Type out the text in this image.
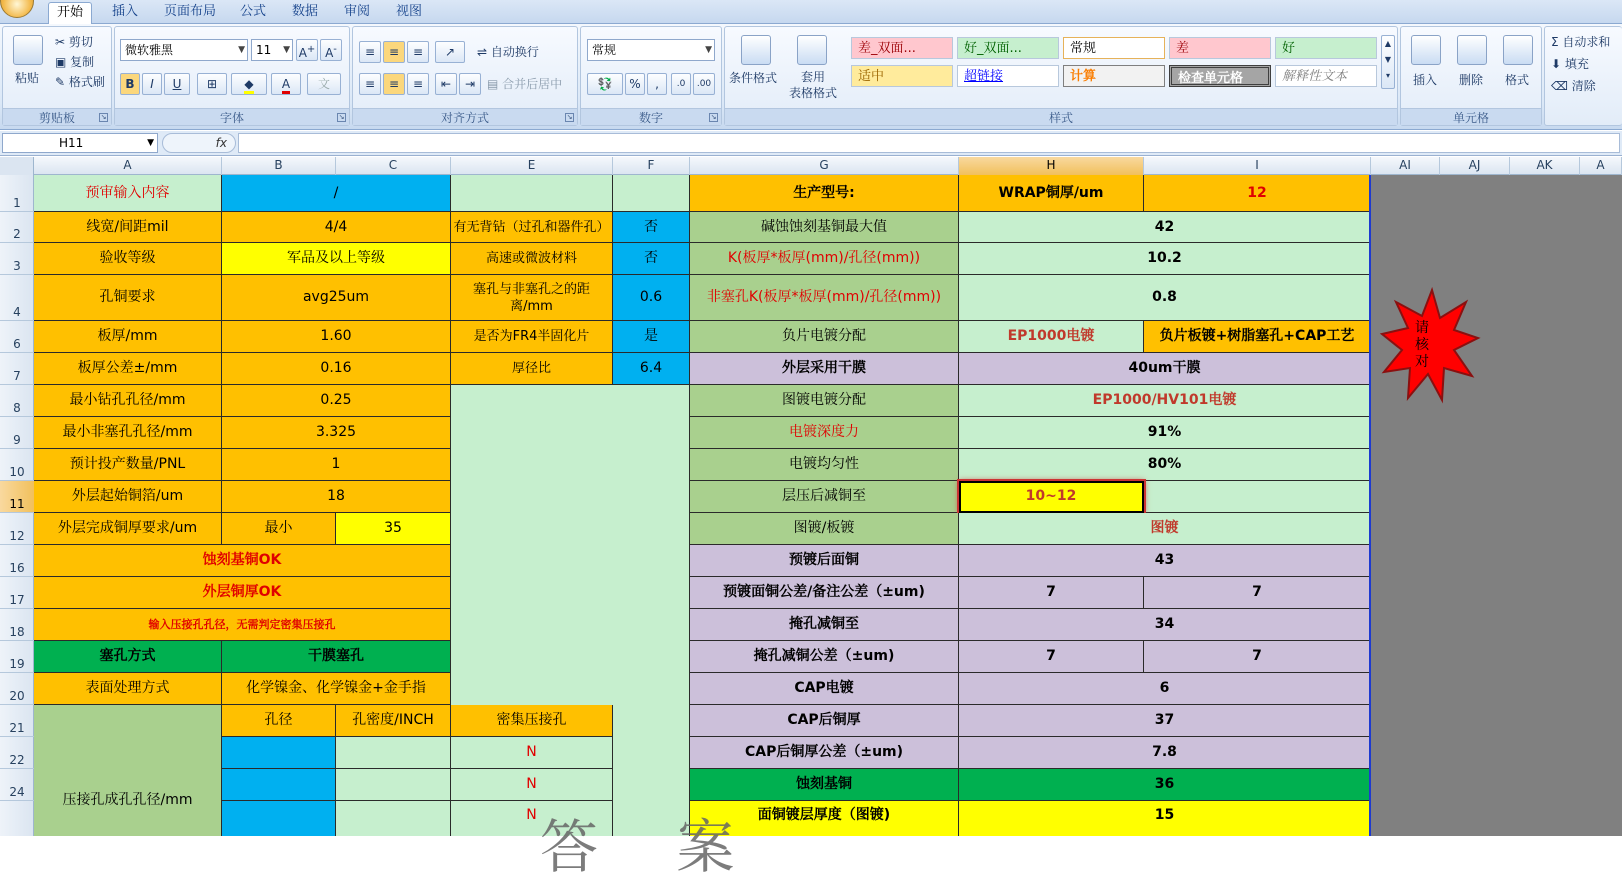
开始	插入	页面布局	公式	数据	审阅	视图
粘贴
✂ 剪切
▣ 复制
✎ 格式刷
剪贴板	↘
微软雅黑	▼ 11 ▼ A+ A-
B	I	U	⊞	◆	A	文
字体	↘
≡	≡	≡	↗	⇌ 自动换行
≡	≡	≡	⇤	⇥ ▤ 合并后居中
对齐方式	↘
常规	▼
💱	%	,	.0	.00
数字	↘
条件格式	套用
表格格式
差_双面...	好_双面...	常规	差	好
适中	超链接	计算	检查单元格	解释性文本
▲
▼
▾
样式
插入 删除 格式
单元格
Σ 自动求和
⬇ 填充
⌫ 清除
H11	▼	fx
A	B	C	E	F	G	H	I	AI	AJ	AK	A
1
2
3
4
6
7
8
9
10
11
12
16
17
18
19
20
21
22
24
预审输入内容	/	生产型号:	WRAP铜厚/um	12
线宽/间距mil	4/4	有无背钻（过孔和器件孔）	否	碱蚀蚀刻基铜最大值	42
验收等级	军品及以上等级	高速或微波材料	否	K(板厚*板厚(mm)/孔径(mm))	10.2
孔铜要求	avg25um	塞孔与非塞孔之的距离/mm
0.6	非塞孔K(板厚*板厚(mm)/孔径(mm))	0.8
板厚/mm	1.60	是否为FR4半固化片	是	负片电镀分配	EP1000电镀	负片板镀+树脂塞孔+CAP工艺
板厚公差±/mm	0.16	厚径比	6.4	外层采用干膜	40um干膜
最小钻孔孔径/mm	0.25	图镀电镀分配	EP1000/HV101电镀
最小非塞孔孔径/mm	3.325	电镀深度力	91%
预计投产数量/PNL	1	电镀均匀性	80%
外层起始铜箔/um	18	层压后减铜至	10~12
外层完成铜厚要求/um	最小	35	图镀/板镀	图镀
蚀刻基铜OK	预镀后面铜	43
外层铜厚OK	预镀面铜公差/备注公差（±um)	7	7
输入压接孔孔径，无需判定密集压接孔	掩孔减铜至	34
塞孔方式	干膜塞孔	掩孔减铜公差（±um)	7	7
表面处理方式	化学镍金、化学镍金+金手指	CAP电镀	6
压接孔成孔孔径/mm
孔径	孔密度/INCH	密集压接孔	CAP后铜厚	37
N	CAP后铜厚公差（±um)	7.8
N	蚀刻基铜	36
N	面铜镀层厚度（图镀)	15
请核对
答 案
